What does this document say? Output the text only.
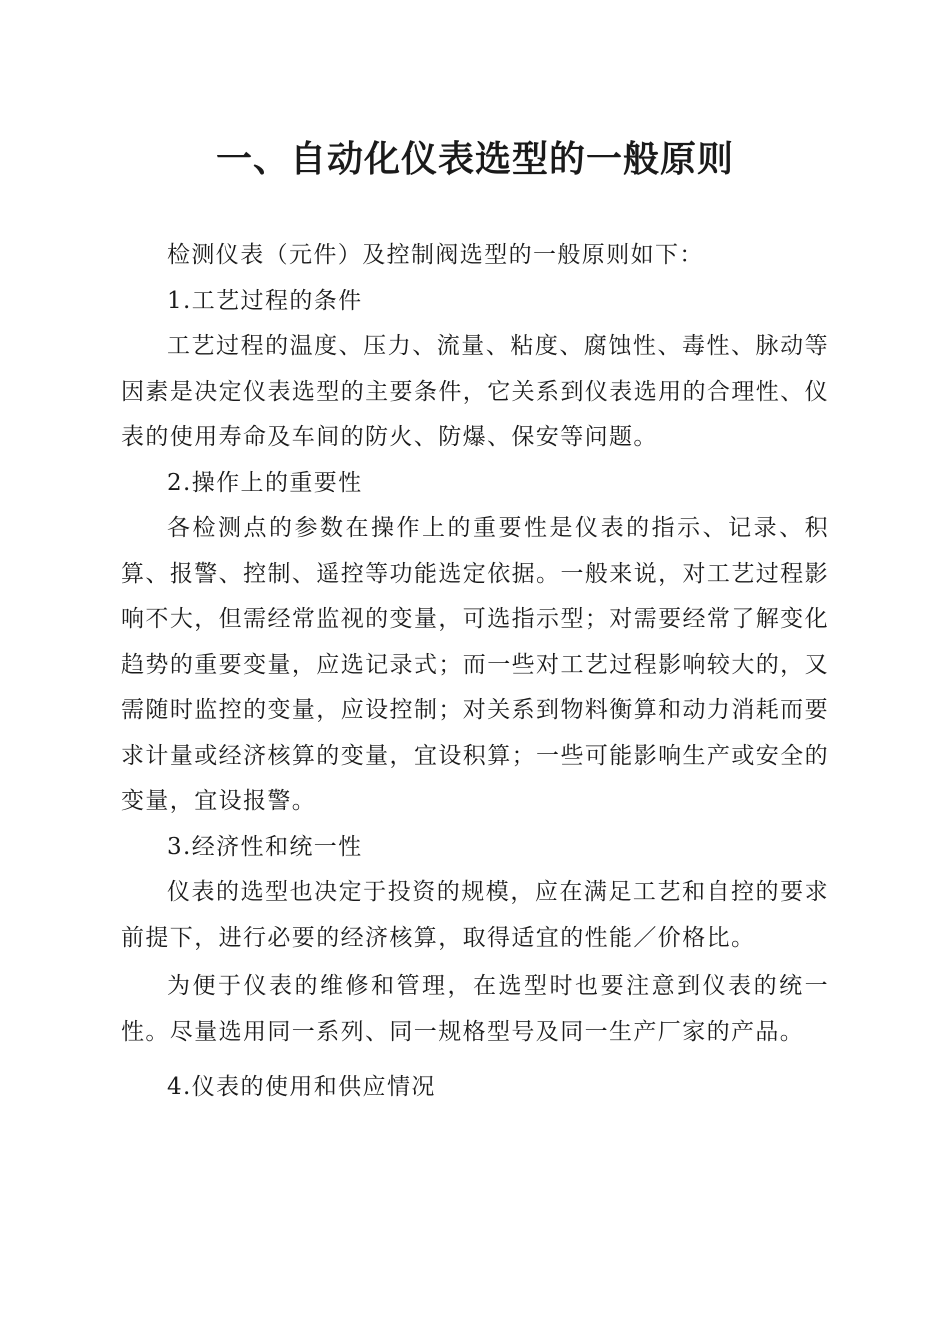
一、自动化仪表选型的一般原则

检测仪表（元件）及控制阀选型的一般原则如下：

1.工艺过程的条件

工艺过程的温度、压力、流量、粘度、腐蚀性、毒性、脉动等因素是决定仪表选型的主要条件，它关系到仪表选用的合理性、仪表的使用寿命及车间的防火、防爆、保安等问题。

2.操作上的重要性

各检测点的参数在操作上的重要性是仪表的指示、记录、积算、报警、控制、遥控等功能选定依据。一般来说，对工艺过程影响不大，但需经常监视的变量，可选指示型；对需要经常了解变化趋势的重要变量，应选记录式；而一些对工艺过程影响较大的，又需随时监控的变量，应设控制；对关系到物料衡算和动力消耗而要求计量或经济核算的变量，宜设积算；一些可能影响生产或安全的变量，宜设报警。

3.经济性和统一性

仪表的选型也决定于投资的规模，应在满足工艺和自控的要求前提下，进行必要的经济核算，取得适宜的性能／价格比。

为便于仪表的维修和管理，在选型时也要注意到仪表的统一性。尽量选用同一系列、同一规格型号及同一生产厂家的产品。

4.仪表的使用和供应情况
